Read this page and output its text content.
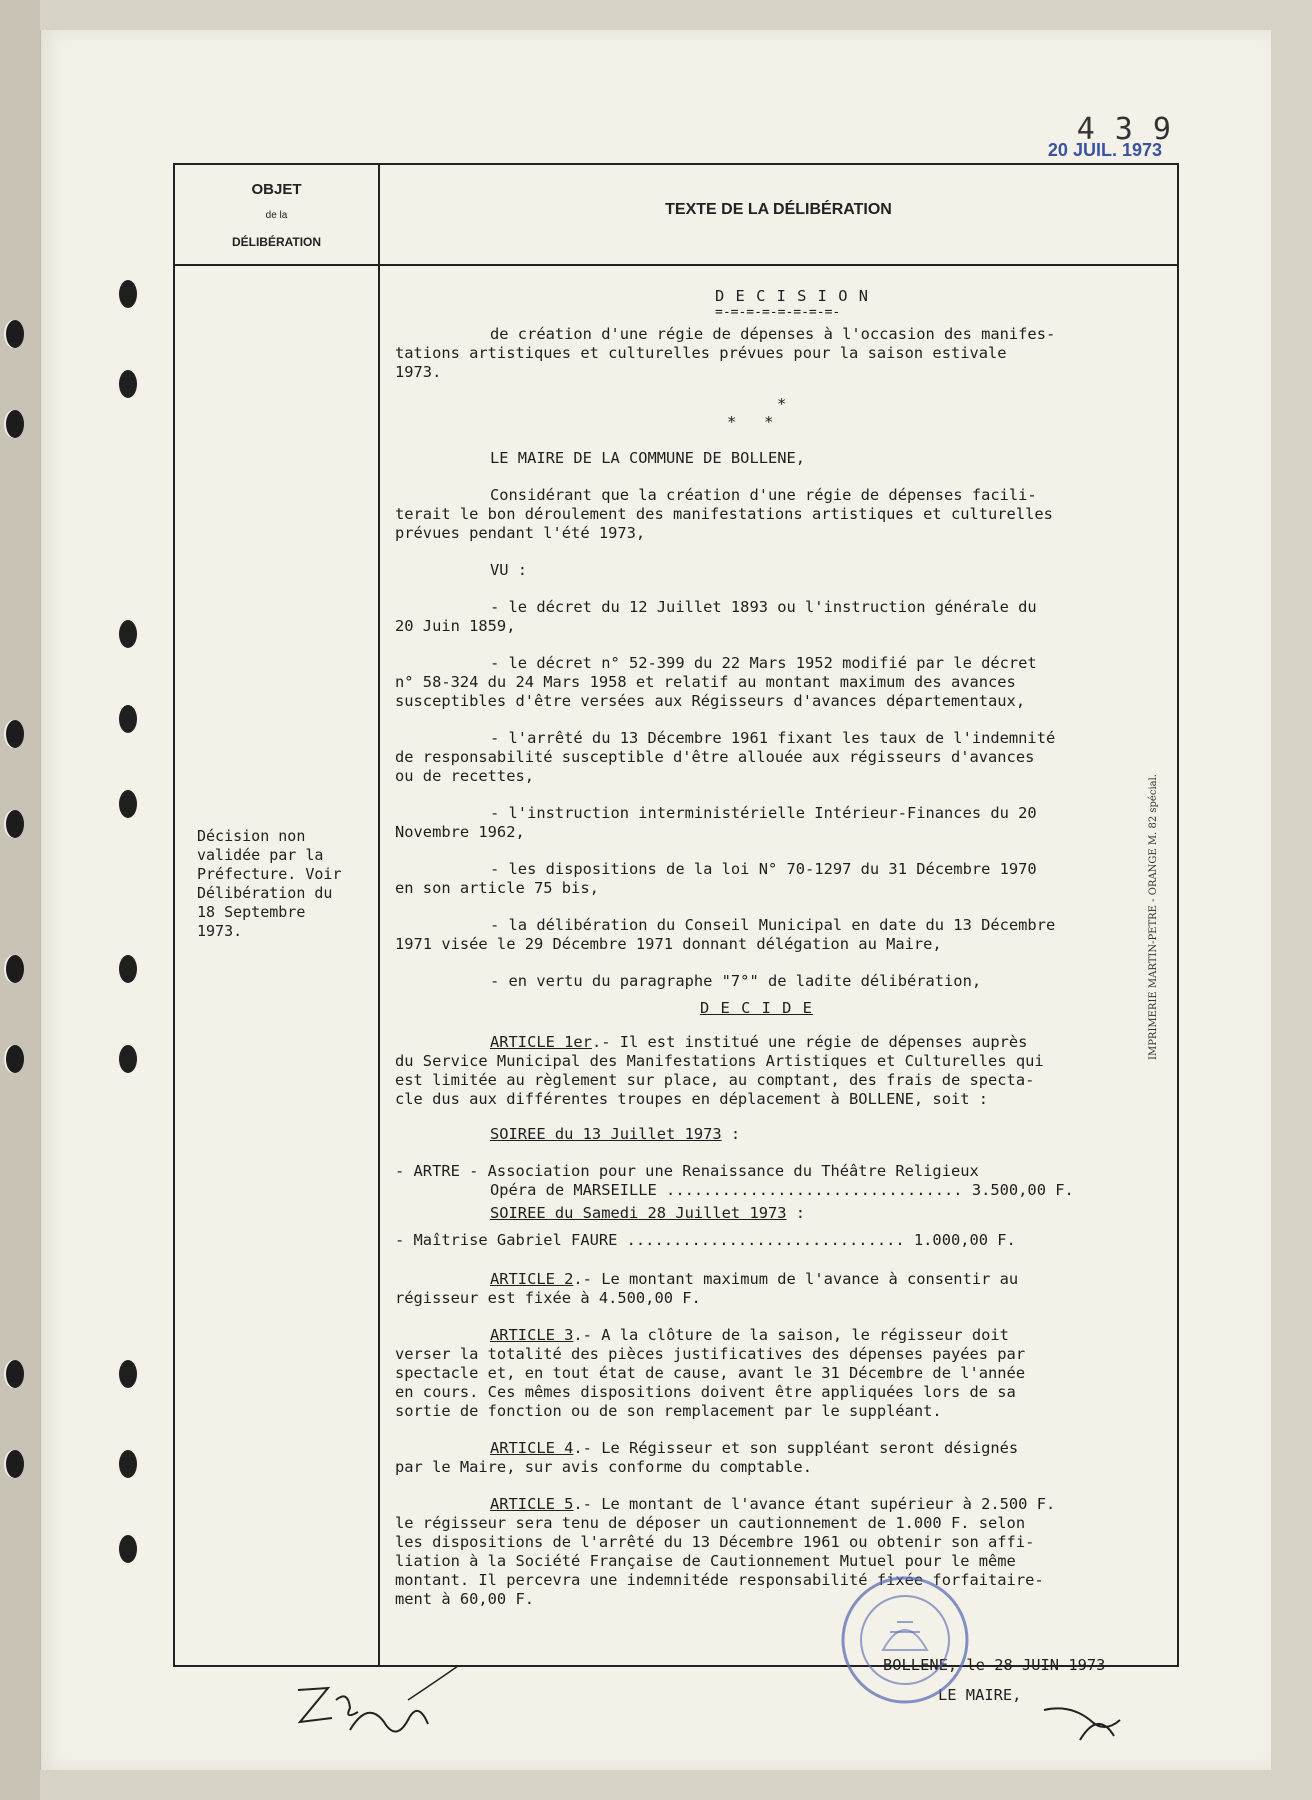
4 3 9
20 JUIL. 1973
OBJET
de la
DÉLIBÉRATION
TEXTE DE LA DÉLIBÉRATION
Décision non
validée par la
Préfecture. Voir
Délibération du
18 Septembre
1973.
D E C I S I O N
=-=-=-=-=-=-=-=-
de création d'une régie de dépenses à l'occasion des manifes-
tations artistiques et culturelles prévues pour la saison estivale
1973.
*
*   *
LE MAIRE DE LA COMMUNE DE BOLLENE,
Considérant que la création d'une régie de dépenses facili-
terait le bon déroulement des manifestations artistiques et culturelles
prévues pendant l'été 1973,
VU :
- le décret du 12 Juillet 1893 ou l'instruction générale du
20 Juin 1859,
- le décret n° 52-399 du 22 Mars 1952 modifié par le décret
n° 58-324 du 24 Mars 1958 et relatif au montant maximum des avances
susceptibles d'être versées aux Régisseurs d'avances départementaux,
- l'arrêté du 13 Décembre 1961 fixant les taux de l'indemnité
de responsabilité susceptible d'être allouée aux régisseurs d'avances
ou de recettes,
- l'instruction interministérielle Intérieur-Finances du 20
Novembre 1962,
- les dispositions de la loi N° 70-1297 du 31 Décembre 1970
en son article 75 bis,
- la délibération du Conseil Municipal en date du 13 Décembre
1971 visée le 29 Décembre 1971 donnant délégation au Maire,
- en vertu du paragraphe "7°" de ladite délibération,
D E C I D E
ARTICLE 1er.- Il est institué une régie de dépenses auprès
du Service Municipal des Manifestations Artistiques et Culturelles qui
est limitée au règlement sur place, au comptant, des frais de specta-
cle dus aux différentes troupes en déplacement à BOLLENE, soit :
SOIREE du 13 Juillet 1973 :
- ARTRE - Association pour une Renaissance du Théâtre Religieux
Opéra de MARSEILLE ................................ 3.500,00 F.
SOIREE du Samedi 28 Juillet 1973 :
- Maîtrise Gabriel FAURE .............................. 1.000,00 F.
ARTICLE 2.- Le montant maximum de l'avance à consentir au
régisseur est fixée à 4.500,00 F.
ARTICLE 3.- A la clôture de la saison, le régisseur doit
verser la totalité des pièces justificatives des dépenses payées par
spectacle et, en tout état de cause, avant le 31 Décembre de l'année
en cours. Ces mêmes dispositions doivent être appliquées lors de sa
sortie de fonction ou de son remplacement par le suppléant.
ARTICLE 4.- Le Régisseur et son suppléant seront désignés
par le Maire, sur avis conforme du comptable.
ARTICLE 5.- Le montant de l'avance étant supérieur à 2.500 F.
le régisseur sera tenu de déposer un cautionnement de 1.000 F. selon
les dispositions de l'arrêté du 13 Décembre 1961 ou obtenir son affi-
liation à la Société Française de Cautionnement Mutuel pour le même
montant. Il percevra une indemnitéde responsabilité fixée forfaitaire-
ment à 60,00 F.
BOLLENE, le 28 JUIN 1973
LE MAIRE,
IMPRIMERIE MARTIN-PETRE - ORANGE M. 82 spécial.
